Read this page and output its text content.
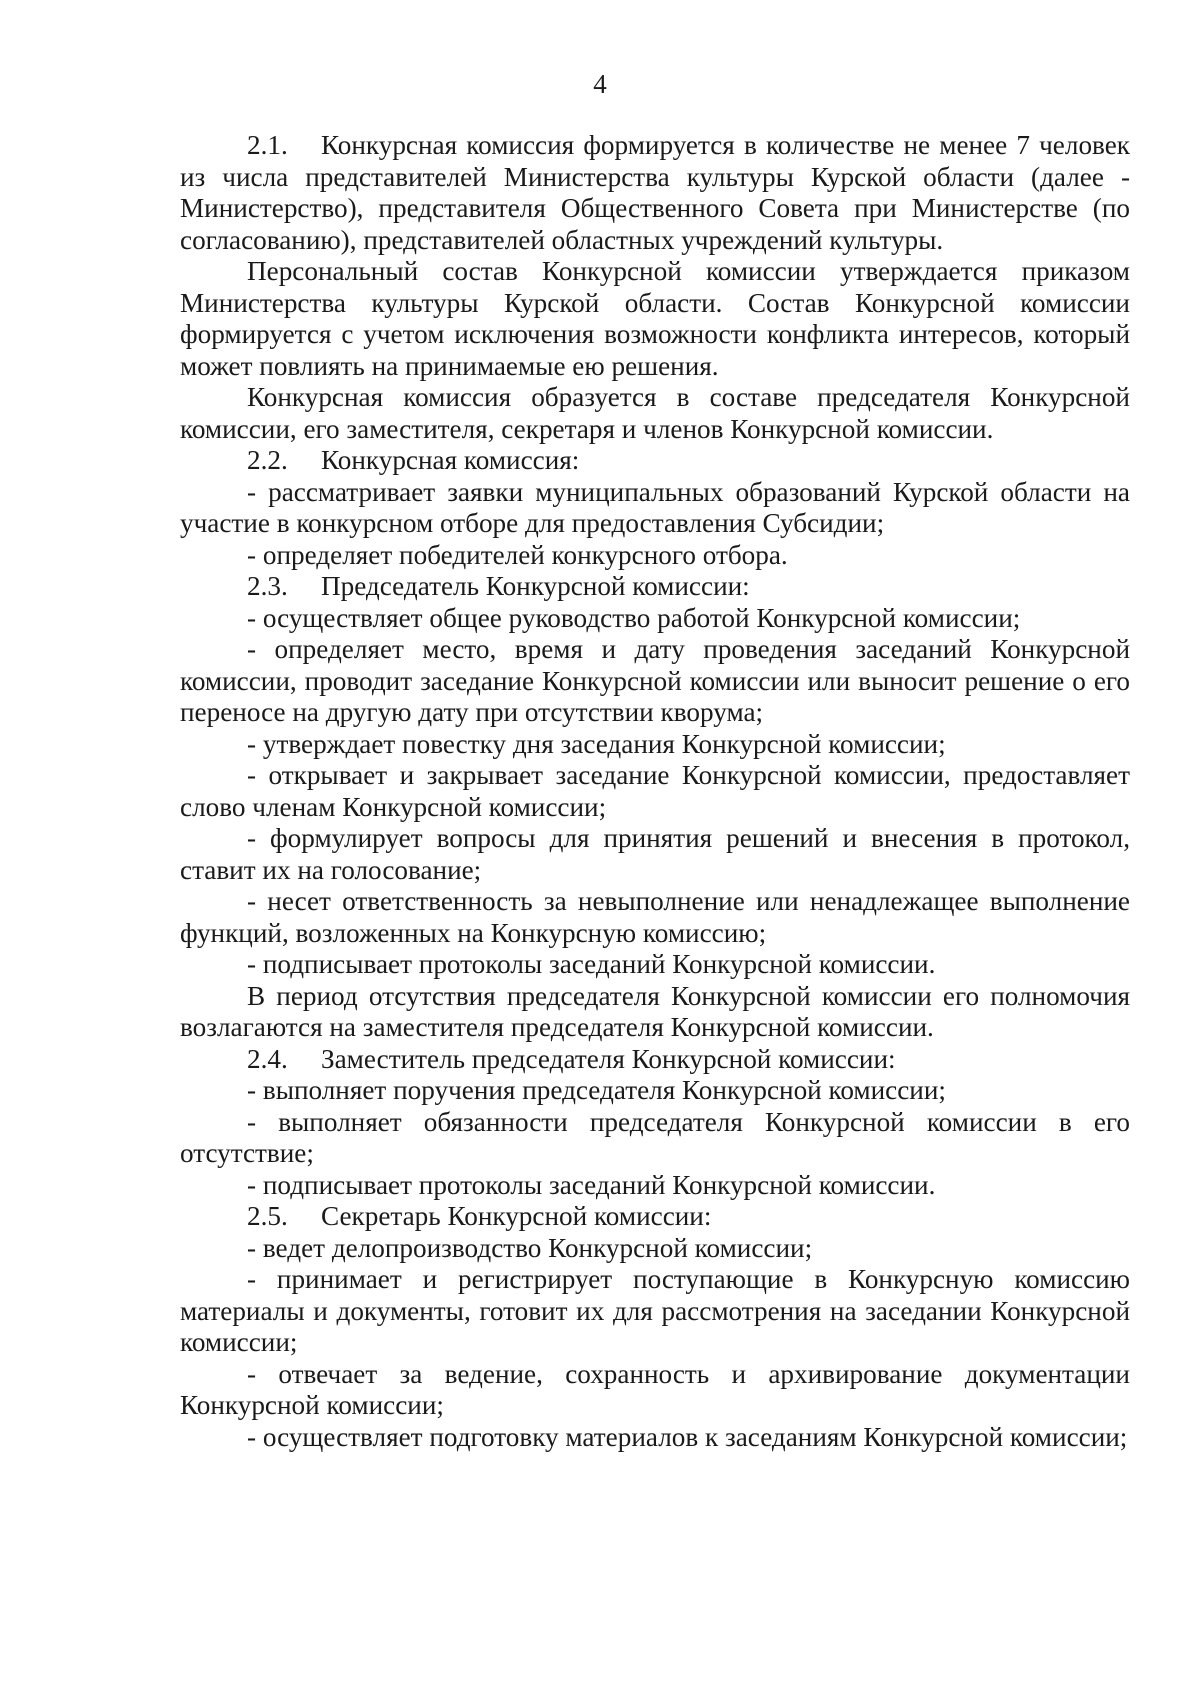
4

2.1. Конкурсная комиссия формируется в количестве не менее 7 человек из числа представителей Министерства культуры Курской области (далее - Министерство), представителя Общественного Совета при Министерстве (по согласованию), представителей областных учреждений культуры.

Персональный состав Конкурсной комиссии утверждается приказом Министерства культуры Курской области. Состав Конкурсной комиссии формируется с учетом исключения возможности конфликта интересов, который может повлиять на принимаемые ею решения.

Конкурсная комиссия образуется в составе председателя Конкурсной комиссии, его заместителя, секретаря и членов Конкурсной комиссии.

2.2. Конкурсная комиссия:

- рассматривает заявки муниципальных образований Курской области на участие в конкурсном отборе для предоставления Субсидии;

- определяет победителей конкурсного отбора.

2.3. Председатель Конкурсной комиссии:

- осуществляет общее руководство работой Конкурсной комиссии;

- определяет место, время и дату проведения заседаний Конкурсной комиссии, проводит заседание Конкурсной комиссии или выносит решение о его переносе на другую дату при отсутствии кворума;

- утверждает повестку дня заседания Конкурсной комиссии;

- открывает и закрывает заседание Конкурсной комиссии, предоставляет слово членам Конкурсной комиссии;

- формулирует вопросы для принятия решений и внесения в протокол, ставит их на голосование;

- несет ответственность за невыполнение или ненадлежащее выполнение функций, возложенных на Конкурсную комиссию;

- подписывает протоколы заседаний Конкурсной комиссии.

В период отсутствия председателя Конкурсной комиссии его полномочия возлагаются на заместителя председателя Конкурсной комиссии.

2.4. Заместитель председателя Конкурсной комиссии:

- выполняет поручения председателя Конкурсной комиссии;

- выполняет обязанности председателя Конкурсной комиссии в его отсутствие;

- подписывает протоколы заседаний Конкурсной комиссии.

2.5. Секретарь Конкурсной комиссии:

- ведет делопроизводство Конкурсной комиссии;

- принимает и регистрирует поступающие в Конкурсную комиссию материалы и документы, готовит их для рассмотрения на заседании Конкурсной комиссии;

- отвечает за ведение, сохранность и архивирование документации Конкурсной комиссии;

- осуществляет подготовку материалов к заседаниям Конкурсной комиссии;
